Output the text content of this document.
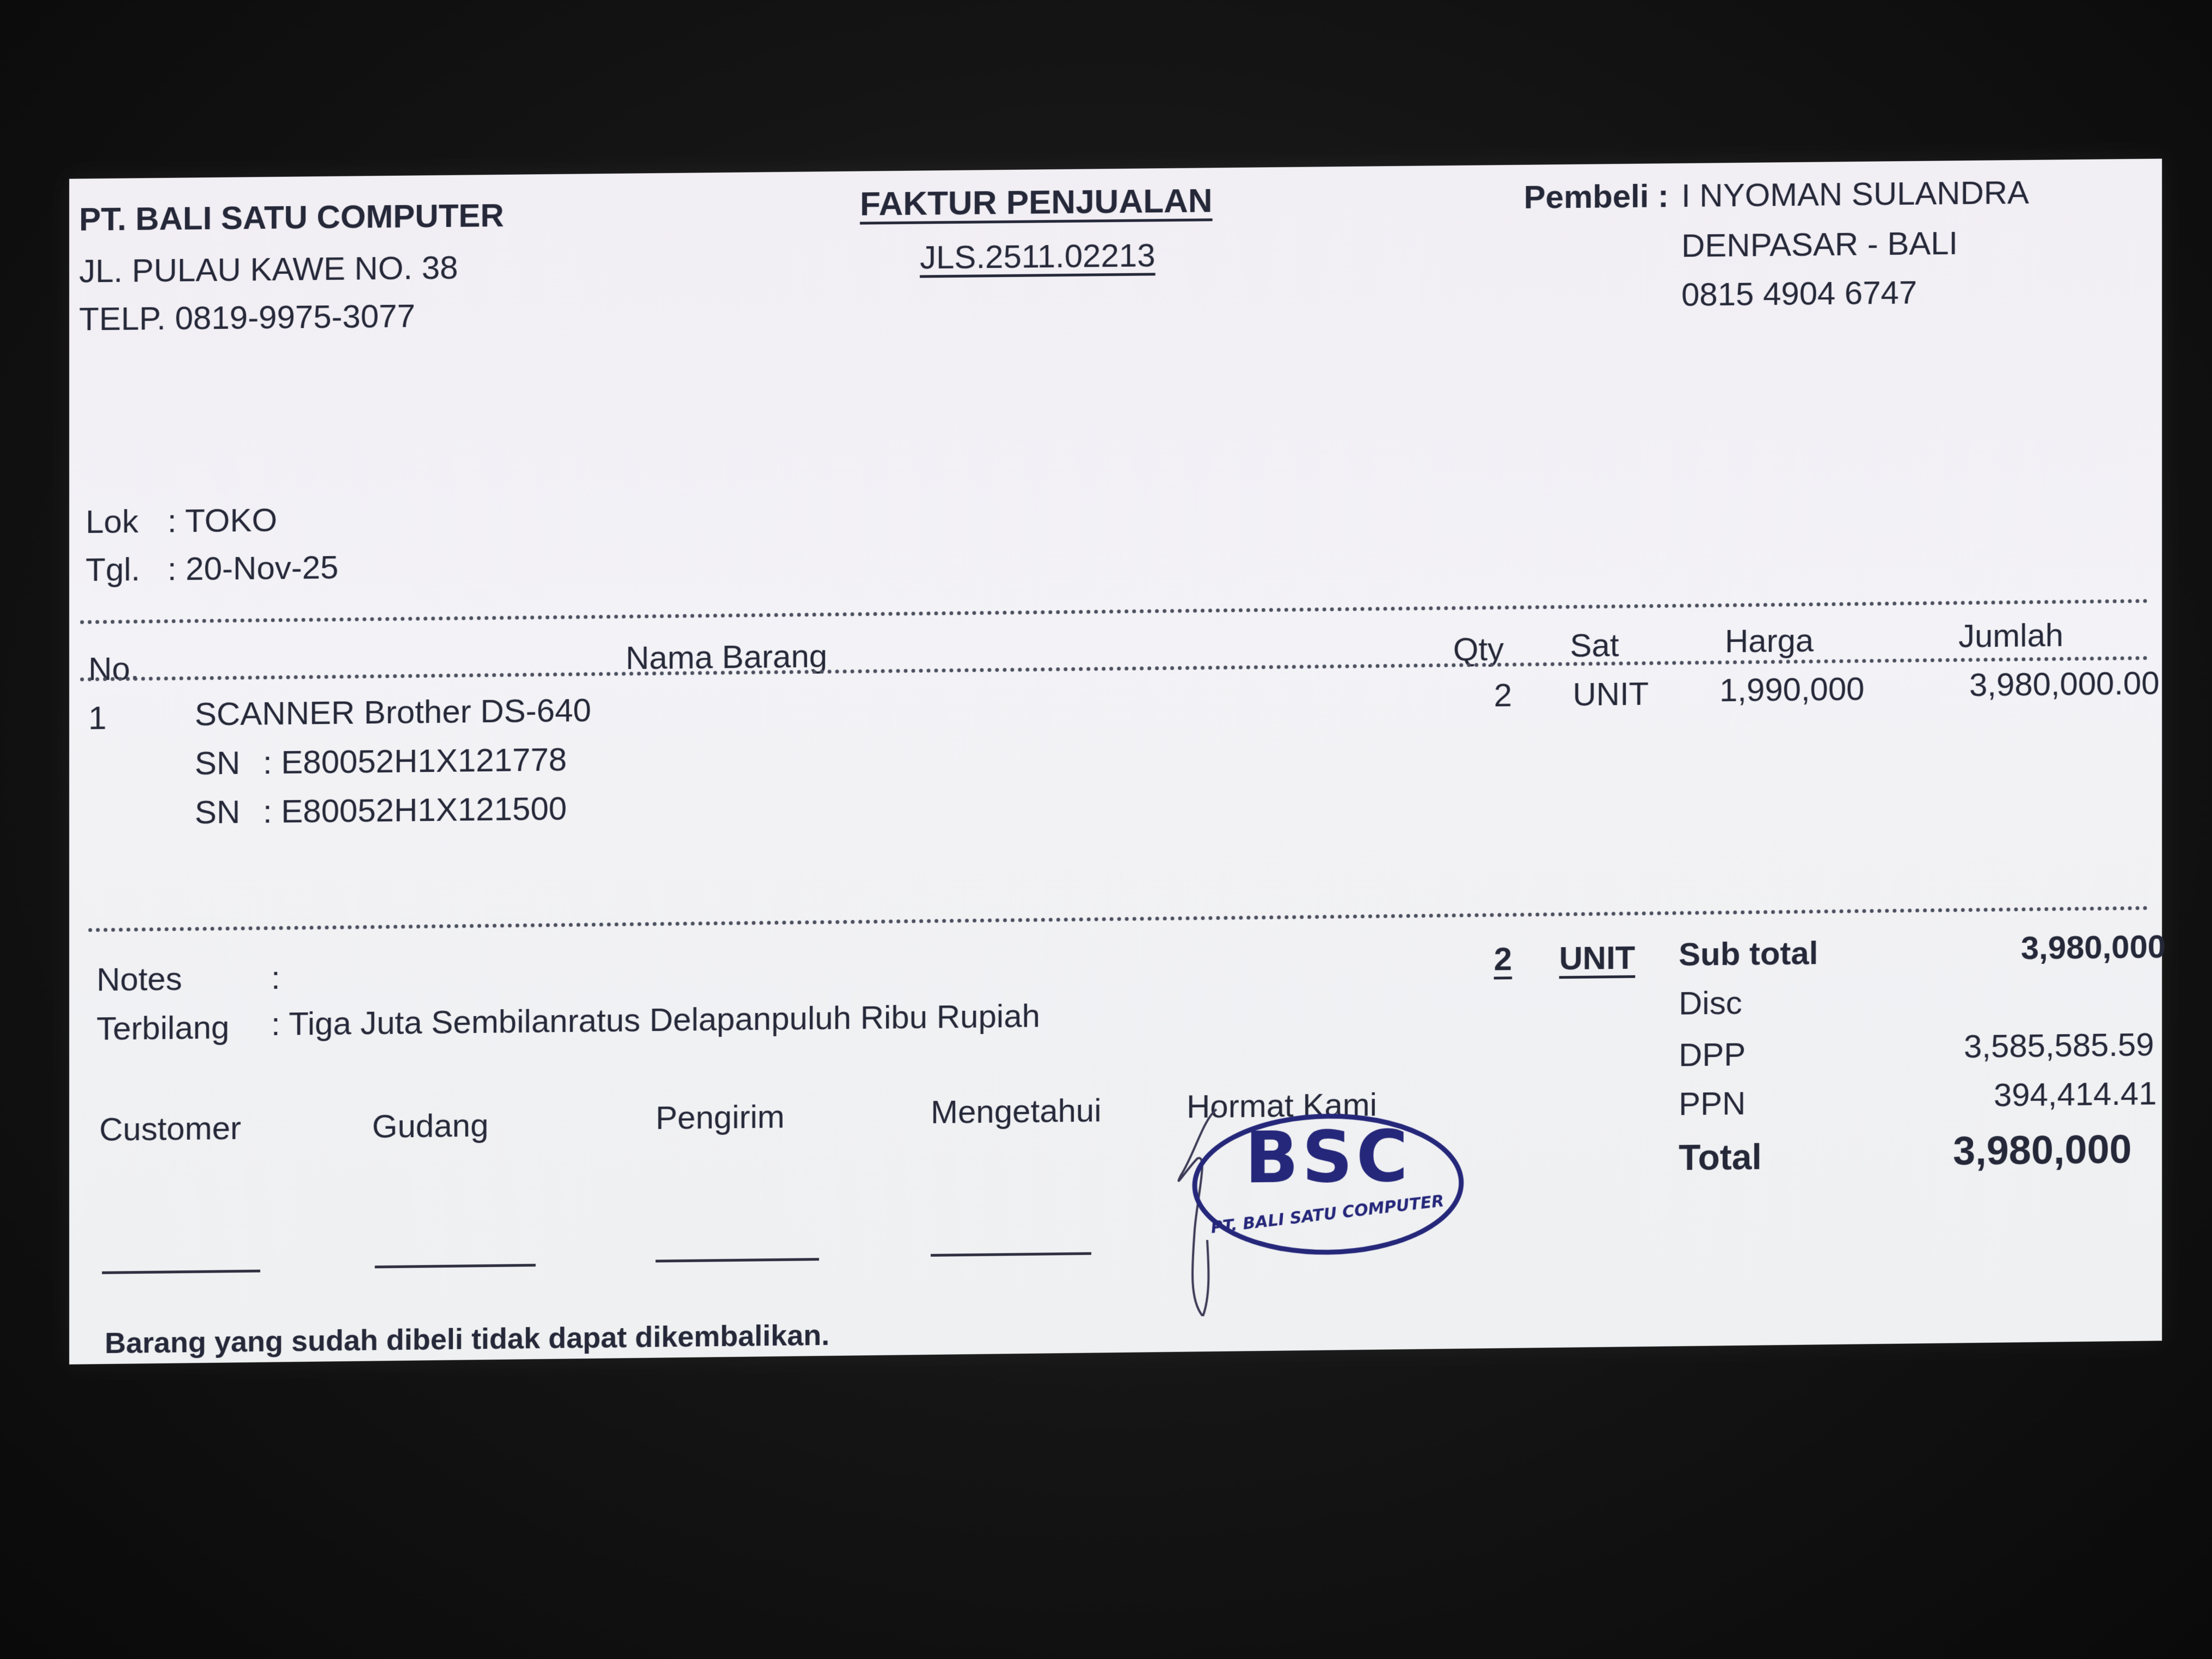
PT. BALI SATU COMPUTER
JL. PULAU KAWE NO. 38
TELP. 0819-9975-3077
FAKTUR PENJUALAN
JLS.2511.02213
Pembeli : I NYOMAN SULANDRA
DENPASAR - BALI
0815 4904 6747
Lok : TOKO
Tgl. : 20-Nov-25
No.	Nama Barang	Qty Sat	Harga	Jumlah
1	SCANNER Brother DS-640	2 UNIT 1,990,000	3,980,000.00
SN : E80052H1X121778
SN : E80052H1X121500
Notes	:
Terbilang : Tiga Juta Sembilanratus Delapanpuluh Ribu Rupiah
2 UNIT Sub total	3,980,000
Disc
DPP	3,585,585.59
PPN	394,414.41
Total	3,980,000
Customer	Gudang	Pengirim	Mengetahui	Hormat Kami
BSC
PT. BALI SATU COMPUTER
Barang yang sudah dibeli tidak dapat dikembalikan.
